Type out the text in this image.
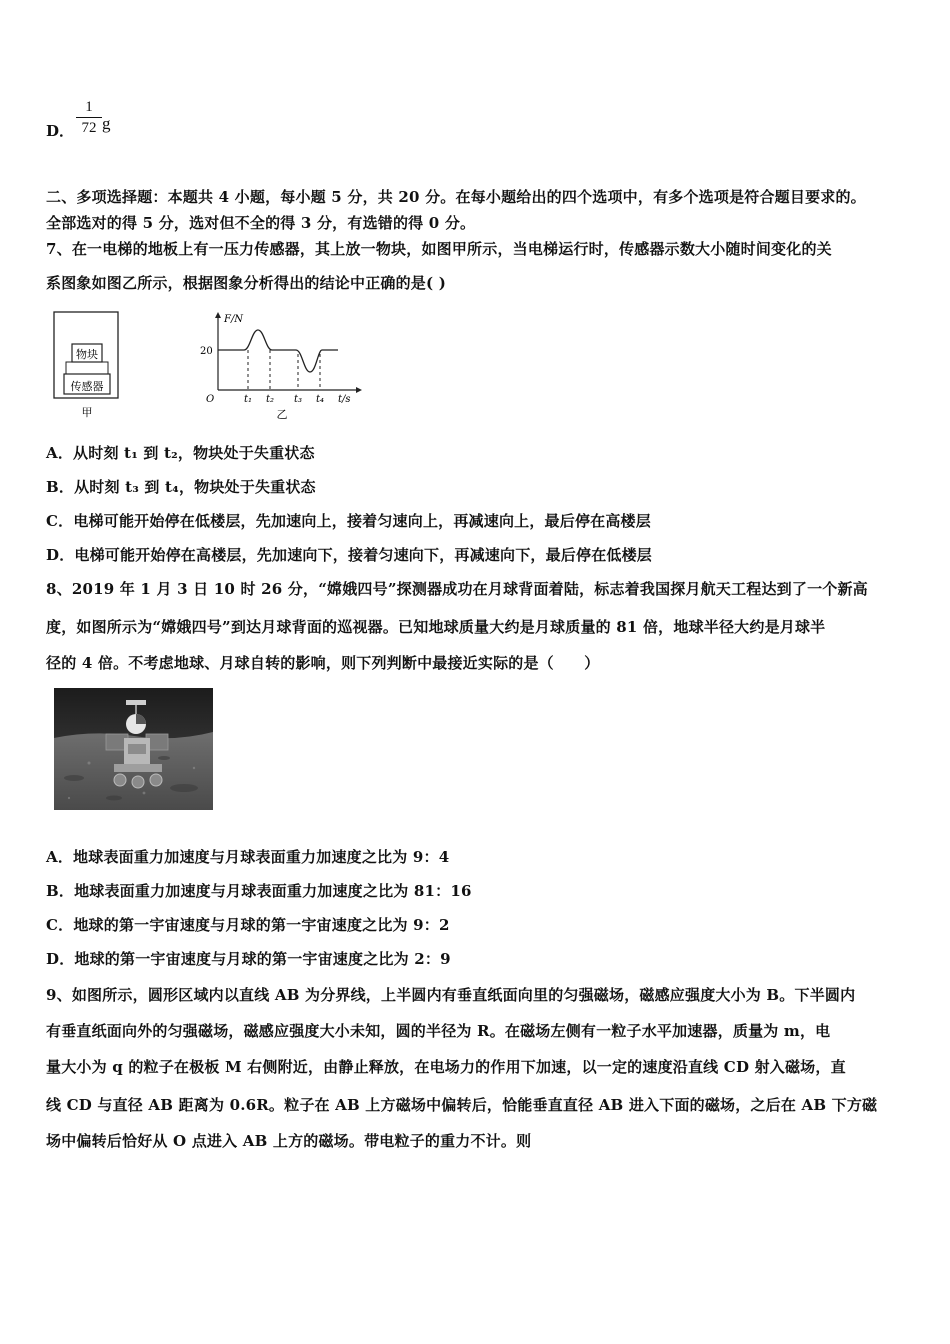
D．
1
72 g
二、多项选择题：本题共 4 小题，每小题 5 分，共 20 分。在每小题给出的四个选项中，有多个选项是符合题目要求的。
全部选对的得 5 分，选对但不全的得 3 分，有选错的得 0 分。
7、在一电梯的地板上有一压力传感器，其上放一物块，如图甲所示，当电梯运行时，传感器示数大小随时间变化的关
系图象如图乙所示，根据图象分析得出的结论中正确的是( )
物块
传感器
甲
F/N
20
O	t₁ t₂ t₃ t₄ t/s
乙
A．从时刻 t₁ 到 t₂，物块处于失重状态
B．从时刻 t₃ 到 t₄，物块处于失重状态
C．电梯可能开始停在低楼层，先加速向上，接着匀速向上，再减速向上，最后停在高楼层
D．电梯可能开始停在高楼层，先加速向下，接着匀速向下，再减速向下，最后停在低楼层
8、2019 年 1 月 3 日 10 时 26 分，“嫦娥四号”探测器成功在月球背面着陆，标志着我国探月航天工程达到了一个新高
度，如图所示为“嫦娥四号”到达月球背面的巡视器。已知地球质量大约是月球质量的 81 倍，地球半径大约是月球半
径的 4 倍。不考虑地球、月球自转的影响，则下列判断中最接近实际的是（　　）
A．地球表面重力加速度与月球表面重力加速度之比为 9：4
B．地球表面重力加速度与月球表面重力加速度之比为 81：16
C．地球的第一宇宙速度与月球的第一宇宙速度之比为 9：2
D．地球的第一宇宙速度与月球的第一宇宙速度之比为 2：9
9、如图所示，圆形区域内以直线 AB 为分界线，上半圆内有垂直纸面向里的匀强磁场，磁感应强度大小为 B。下半圆内
有垂直纸面向外的匀强磁场，磁感应强度大小未知，圆的半径为 R。在磁场左侧有一粒子水平加速器，质量为 m，电
量大小为 q 的粒子在极板 M 右侧附近，由静止释放，在电场力的作用下加速，以一定的速度沿直线 CD 射入磁场，直
线 CD 与直径 AB 距离为 0.6R。粒子在 AB 上方磁场中偏转后，恰能垂直直径 AB 进入下面的磁场，之后在 AB 下方磁
场中偏转后恰好从 O 点进入 AB 上方的磁场。带电粒子的重力不计。则
